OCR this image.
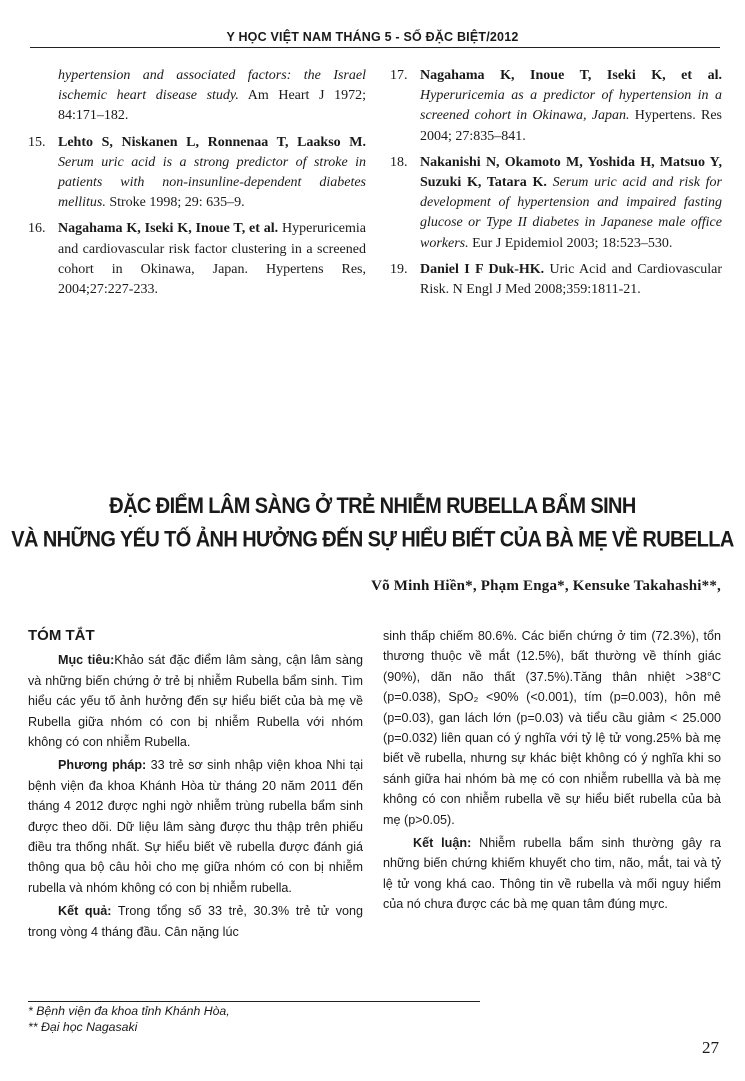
Y HỌC VIỆT NAM THÁNG 5 - SỐ ĐẶC BIỆT/2012
hypertension and associated factors: the Israel ischemic heart disease study. Am Heart J 1972; 84:171–182.
15. Lehto S, Niskanen L, Ronnenaa T, Laakso M. Serum uric acid is a strong predictor of stroke in patients with non-insunline-dependent diabetes mellitus. Stroke 1998; 29: 635–9.
16. Nagahama K, Iseki K, Inoue T, et al. Hyperuricemia and cardiovascular risk factor clustering in a screened cohort in Okinawa, Japan. Hypertens Res, 2004;27:227-233.
17. Nagahama K, Inoue T, Iseki K, et al. Hyperuricemia as a predictor of hypertension in a screened cohort in Okinawa, Japan. Hypertens. Res 2004; 27:835–841.
18. Nakanishi N, Okamoto M, Yoshida H, Matsuo Y, Suzuki K, Tatara K. Serum uric acid and risk for development of hypertension and impaired fasting glucose or Type II diabetes in Japanese male office workers. Eur J Epidemiol 2003; 18:523–530.
19. Daniel I F Duk-HK. Uric Acid and Cardiovascular Risk. N Engl J Med 2008;359:1811-21.
ĐẶC ĐIỂM LÂM SÀNG Ở TRẺ NHIỄM RUBELLA BẨM SINH
VÀ NHỮNG YẾU TỐ ẢNH HƯỞNG ĐẾN SỰ HIỂU BIẾT CỦA BÀ MẸ VỀ RUBELLA
Võ Minh Hiền*, Phạm Enga*, Kensuke Takahashi**,
TÓM TẮT

Mục tiêu:Khảo sát đặc điểm lâm sàng, cận lâm sàng và những biến chứng ở trẻ bị nhiễm Rubella bẩm sinh. Tìm hiểu các yếu tố ảnh hưởng đến sự hiểu biết của bà mẹ về Rubella giữa nhóm có con bị nhiễm Rubella với nhóm không có con nhiễm Rubella.

Phương pháp: 33 trẻ sơ sinh nhập viện khoa Nhi tại bệnh viện đa khoa Khánh Hòa từ tháng 20 năm 2011 đến tháng 4 2012 được nghi ngờ nhiễm trùng rubella bẩm sinh được theo dõi. Dữ liệu lâm sàng được thu thập trên phiếu điều tra thống nhất. Sự hiểu biết về rubella được đánh giá thông qua bộ câu hỏi cho mẹ giữa nhóm có con bị nhiễm rubella và nhóm không có con bị nhiễm rubella.

Kết quả: Trong tổng số 33 trẻ, 30.3% trẻ tử vong trong vòng 4 tháng đầu. Cân nặng lúc

sinh thấp chiếm 80.6%. Các biến chứng ở tim (72.3%), tổn thương thuộc về mắt (12.5%), bất thường về thính giác (90%), dãn não thất (37.5%).Tăng thân nhiệt >38°C (p=0.038), SpO₂ <90% (<0.001), tím (p=0.003), hôn mê (p=0.03), gan lách lớn (p=0.03) và tiểu cầu giảm < 25.000 (p=0.032) liên quan có ý nghĩa với tỷ lệ tử vong.25% bà mẹ biết về rubella, nhưng sự khác biệt không có ý nghĩa khi so sánh giữa hai nhóm bà mẹ có con nhiễm rubellla và bà mẹ không có con nhiễm rubella về sự hiểu biết rubella của bà mẹ (p>0.05).

Kết luận: Nhiễm rubella bẩm sinh thường gây ra những biến chứng khiếm khuyết cho tim, não, mắt, tai và tỷ lệ tử vong khá cao. Thông tin về rubella và mối nguy hiểm của nó chưa được các bà mẹ quan tâm đúng mực.

* Bệnh viện đa khoa tỉnh Khánh Hòa,
** Đại học Nagasaki
27
